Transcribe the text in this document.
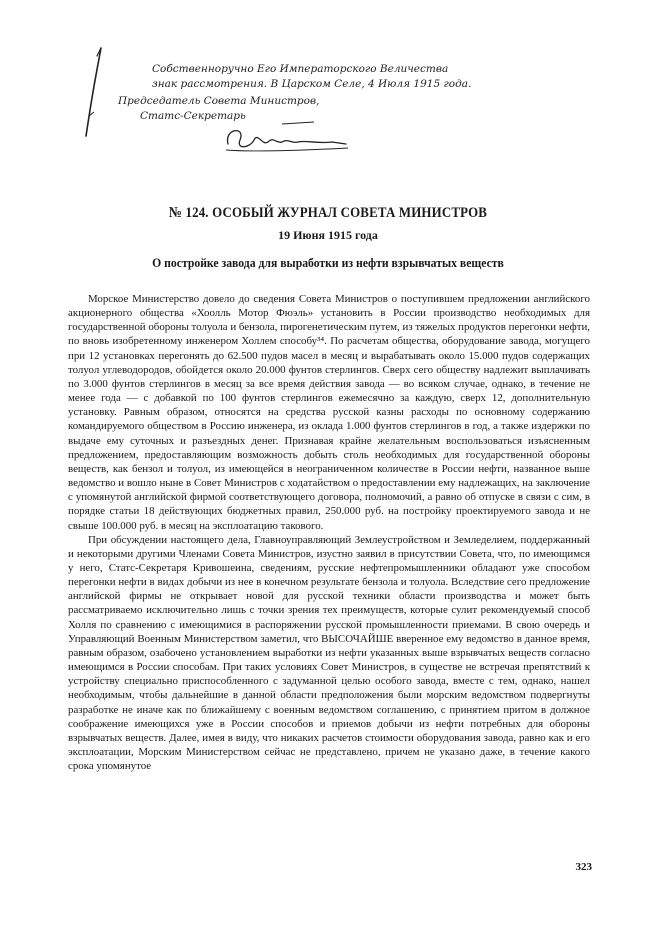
Собственноручно Его Императорского Величества
знак рассмотрения. В Царском Селе, 4 Июля 1915 года.
Председатель Совета Министров,
Статс-Секретарь
№ 124. ОСОБЫЙ ЖУРНАЛ СОВЕТА МИНИСТРОВ
19 Июня 1915 года
О постройке завода для выработки из нефти взрывчатых веществ

Морское Министерство довело до сведения Совета Министров о поступившем предложении английского акционерного общества «Хоолль Мотор Фюэль» установить в России производство необходимых для государственной обороны толуола и бензола, пирогенетическим путем, из тяжелых продуктов перегонки нефти, по вновь изобретенному инженером Холлем способу³⁴. По расчетам общества, оборудование завода, могущего при 12 установках перегонять до 62.500 пудов масел в месяц и вырабатывать около 15.000 пудов содержащих толуол углеводородов, обойдется около 20.000 фунтов стерлингов. Сверх сего обществу надлежит выплачивать по 3.000 фунтов стерлингов в месяц за все время действия завода — во всяком случае, однако, в течение не менее года — с добавкой по 100 фунтов стерлингов ежемесячно за каждую, сверх 12, дополнительную установку. Равным образом, относятся на средства русской казны расходы по основному содержанию командируемого обществом в Россию инженера, из оклада 1.000 фунтов стерлингов в год, а также издержки по выдаче ему суточных и разъездных денег. Признавая крайне желательным воспользоваться изъясненным предложением, предоставляющим возможность добыть столь необходимых для государственной обороны веществ, как бензол и толуол, из имеющейся в неограниченном количестве в России нефти, названное выше ведомство и вошло ныне в Совет Министров с ходатайством о предоставлении ему надлежащих, на заключение с упомянутой английской фирмой соответствующего договора, полномочий, а равно об отпуске в связи с сим, в порядке статьи 18 действующих бюджетных правил, 250.000 руб. на постройку проектируемого завода и не свыше 100.000 руб. в месяц на эксплоатацию такового.

При обсуждении настоящего дела, Главноуправляющий Землеустройством и Земледелием, поддержанный и некоторыми другими Членами Совета Министров, изустно заявил в присутствии Совета, что, по имеющимся у него, Статс-Секретаря Кривошеина, сведениям, русские нефтепромышленники обладают уже способом перегонки нефти в видах добычи из нее в конечном результате бензола и толуола. Вследствие сего предложение английской фирмы не открывает новой для русской техники области производства и может быть рассматриваемо исключительно лишь с точки зрения тех преимуществ, которые сулит рекомендуемый способ Холля по сравнению с имеющимися в распоряжении русской промышленности приемами. В свою очередь и Управляющий Военным Министерством заметил, что ВЫСОЧАЙШЕ вверенное ему ведомство в данное время, равным образом, озабочено установлением выработки из нефти указанных выше взрывчатых веществ согласно имеющимся в России способам. При таких условиях Совет Министров, в существе не встречая препятствий к устройству специально приспособленного с задуманной целью особого завода, вместе с тем, однако, нашел необходимым, чтобы дальнейшие в данной области предположения были морским ведомством подвергнуты разработке не иначе как по ближайшему с военным ведомством соглашению, с принятием притом в должное соображение имеющихся уже в России способов и приемов добычи из нефти потребных для обороны взрывчатых веществ. Далее, имея в виду, что никаких расчетов стоимости оборудования завода, равно как и его эксплоатации, Морским Министерством сейчас не представлено, причем не указано даже, в течение какого срока упомянутое

323
